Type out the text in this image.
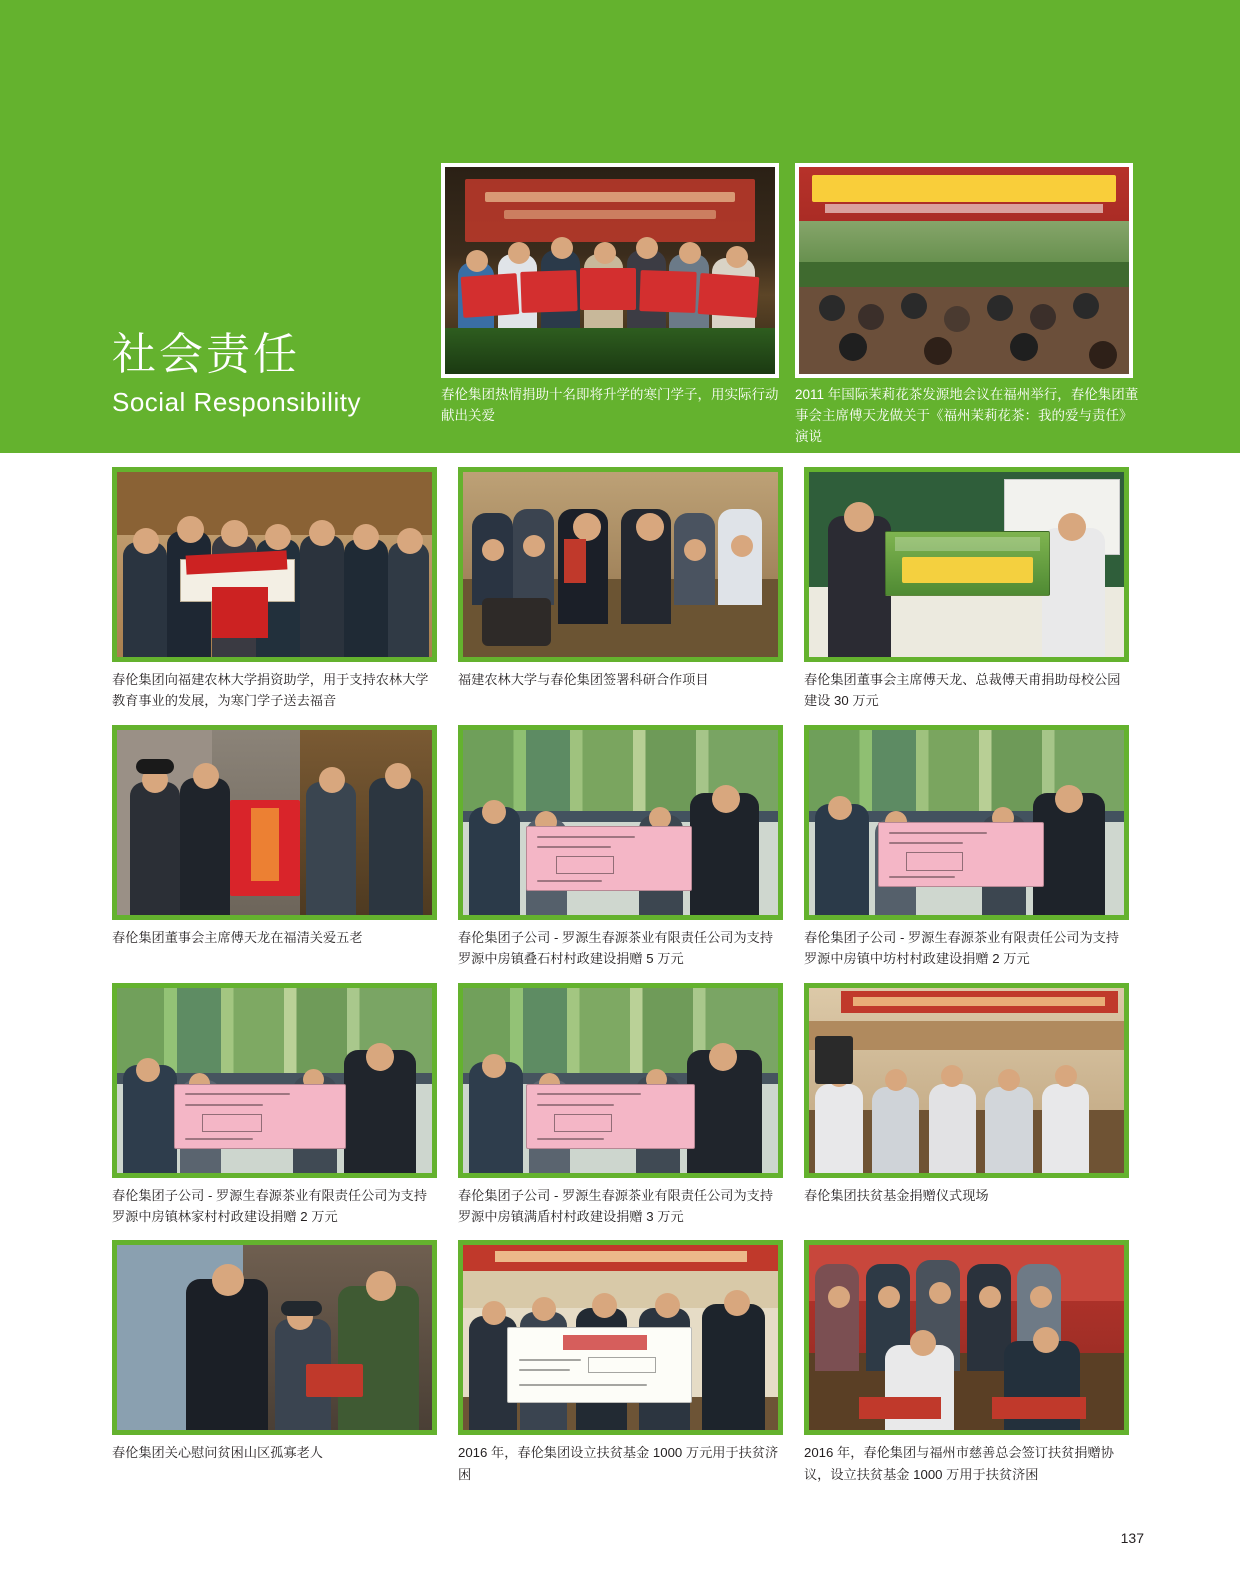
社会责任
Social Responsibility	春伦集团热情捐助十名即将升学的寒门学子，用实际行动献出关爱
2011 年国际茉莉花茶发源地会议在福州举行，春伦集团董事会主席傅天龙做关于《福州茉莉花茶：我的爱与责任》演说
春伦集团向福建农林大学捐资助学，用于支持农林大学教育事业的发展，为寒门学子送去福音
福建农林大学与春伦集团签署科研合作项目	春伦集团董事会主席傅天龙、总裁傅天甫捐助母校公园建设 30 万元
春伦集团董事会主席傅天龙在福清关爱五老	春伦集团子公司 - 罗源生春源茶业有限责任公司为支持罗源中房镇叠石村村政建设捐赠 5 万元
春伦集团子公司 - 罗源生春源茶业有限责任公司为支持罗源中房镇中坊村村政建设捐赠 2 万元
春伦集团子公司 - 罗源生春源茶业有限责任公司为支持罗源中房镇林家村村政建设捐赠 2 万元
春伦集团子公司 - 罗源生春源茶业有限责任公司为支持罗源中房镇满盾村村政建设捐赠 3 万元
春伦集团扶贫基金捐赠仪式现场
春伦集团关心慰问贫困山区孤寡老人	2016 年，春伦集团设立扶贫基金 1000 万元用于扶贫济困
2016 年，春伦集团与福州市慈善总会签订扶贫捐赠协议，设立扶贫基金 1000 万用于扶贫济困
137
